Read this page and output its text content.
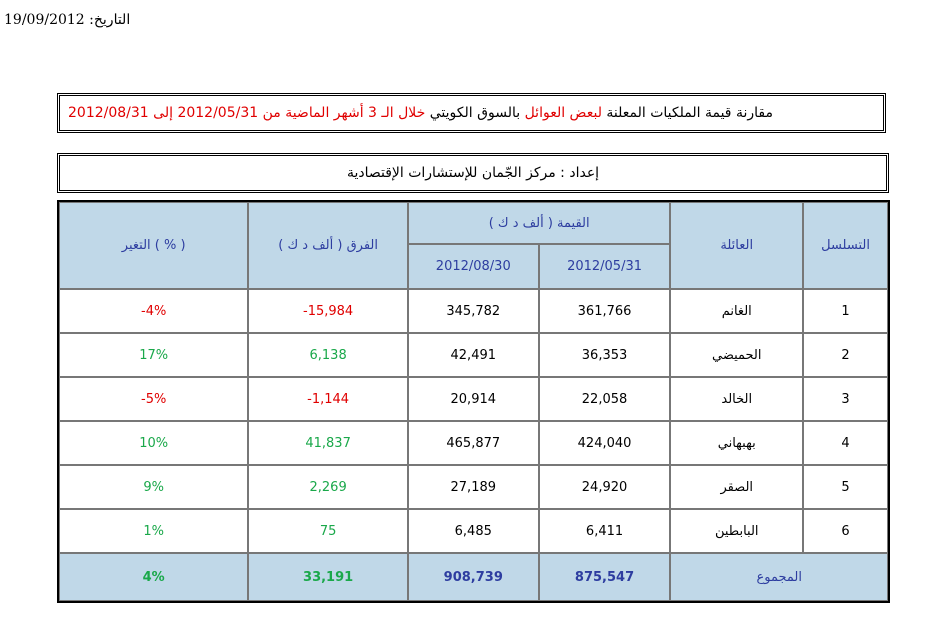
التاريخ: 19/09/2012
مقارنة قيمة الملكيات المعلنة

لبعض العوائل

بالسوق الكويتي

خلال الـ 3 أشهر الماضية من 2012/05/31 إلى 2012/08/31
إعداد : مركز الجّمان للإستشارات الإقتصادية
التغير ( % )	الفرق ( ألف د ك )	القيمة ( ألف د ك )		العائلة	التسلسل
		2012/08/30	2012/05/31		
-4%	-15,984	345,782	361,766	الغانم	1
17%	6,138	42,491	36,353	الحميضي	2
-5%	-1,144	20,914	22,058	الخالد	3
10%	41,837	465,877	424,040	بهبهاني	4
9%	2,269	27,189	24,920	الصقر	5
1%	75	6,485	6,411	البابطين	6
4%	33,191	908,739	875,547	المجموع	
